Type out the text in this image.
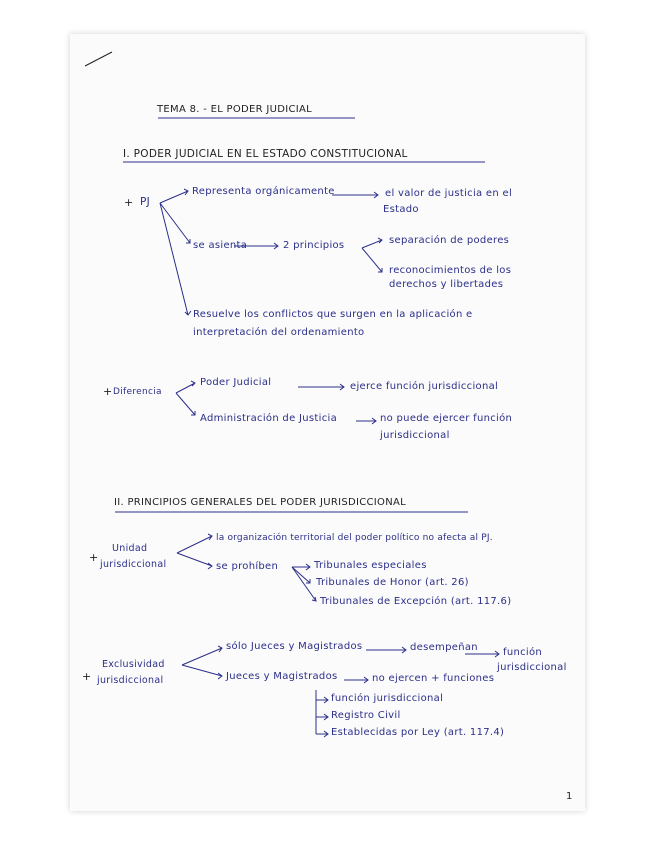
TEMA 8. - EL PODER JUDICIAL
I. PODER JUDICIAL EN EL ESTADO CONSTITUCIONAL
+ PJ
Representa orgánicamente	el valor de justicia en el
Estado
se asienta	2 principios	separación de poderes
reconocimientos de los
derechos y libertades
Resuelve los conflictos que surgen en la aplicación e
interpretación del ordenamiento
+ Diferencia
Poder Judicial	ejerce función jurisdiccional
Administración de Justicia	no puede ejercer función
jurisdiccional
II. PRINCIPIOS GENERALES DEL PODER JURISDICCIONAL
+
Unidad
jurisdiccional
la organización territorial del poder político no afecta al PJ.
se prohíben	Tribunales especiales
Tribunales de Honor (art. 26)
Tribunales de Excepción (art. 117.6)
+
Exclusividad
jurisdiccional
sólo Jueces y Magistrados	desempeñan	función
jurisdiccional
Jueces y Magistrados	no ejercen + funciones
función jurisdiccional
Registro Civil
Establecidas por Ley (art. 117.4)
1
